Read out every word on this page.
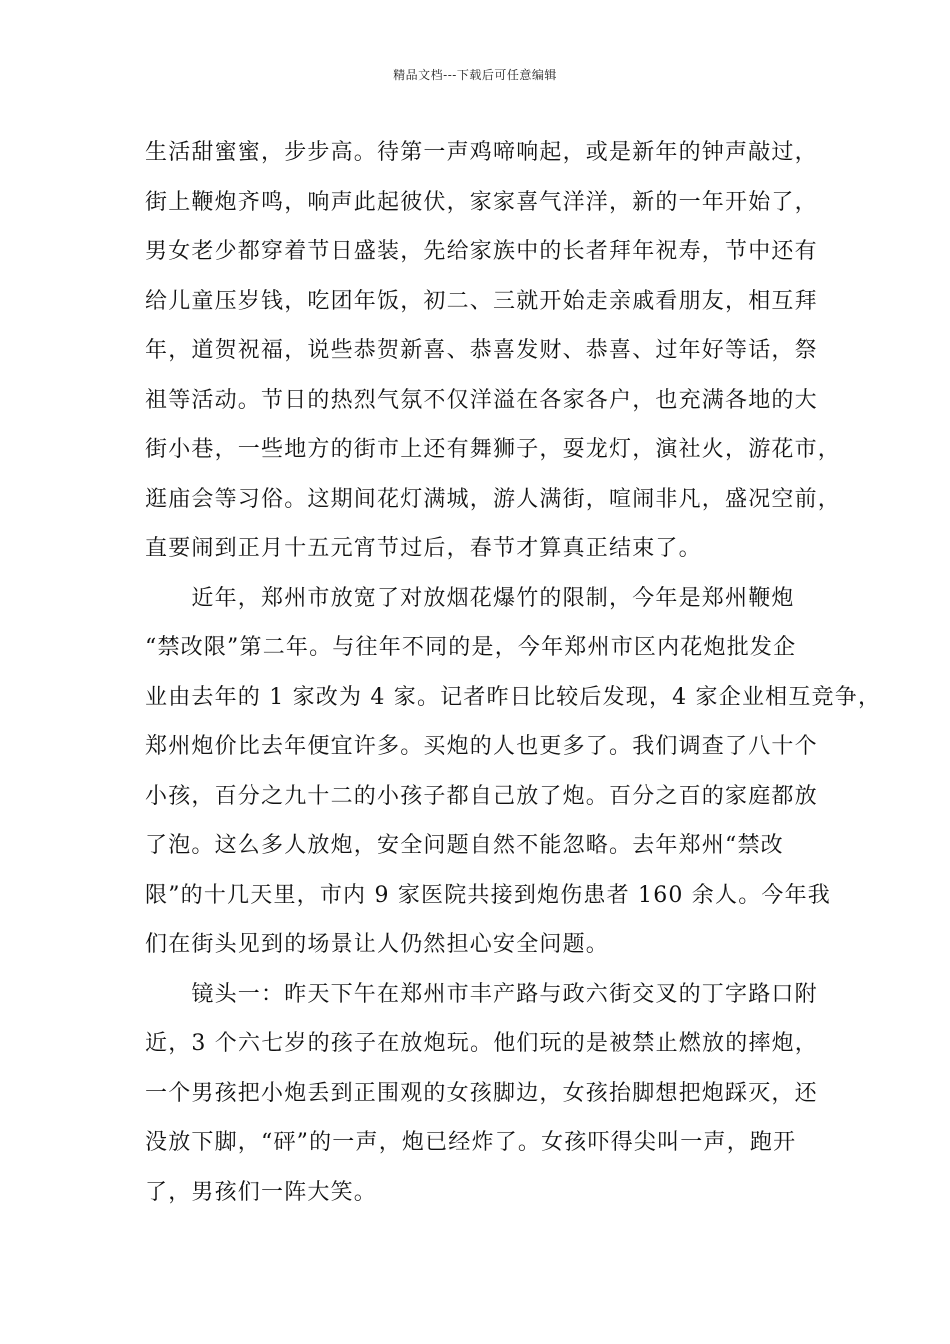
精品文档---下载后可任意编辑
生活甜蜜蜜，步步高。待第一声鸡啼响起，或是新年的钟声敲过，
街上鞭炮齐鸣，响声此起彼伏，家家喜气洋洋，新的一年开始了，
男女老少都穿着节日盛装，先给家族中的长者拜年祝寿，节中还有
给儿童压岁钱，吃团年饭，初二、三就开始走亲戚看朋友，相互拜
年，道贺祝福，说些恭贺新喜、恭喜发财、恭喜、过年好等话，祭
祖等活动。节日的热烈气氛不仅洋溢在各家各户，也充满各地的大
街小巷，一些地方的街市上还有舞狮子，耍龙灯，演社火，游花市，
逛庙会等习俗。这期间花灯满城，游人满街，喧闹非凡，盛况空前，
直要闹到正月十五元宵节过后，春节才算真正结束了。
　　近年，郑州市放宽了对放烟花爆竹的限制，今年是郑州鞭炮
“禁改限”第二年。与往年不同的是，今年郑州市区内花炮批发企
业由去年的 1 家改为 4 家。记者昨日比较后发现，4 家企业相互竞争，
郑州炮价比去年便宜许多。买炮的人也更多了。我们调查了八十个
小孩，百分之九十二的小孩子都自己放了炮。百分之百的家庭都放
了泡。这么多人放炮，安全问题自然不能忽略。去年郑州“禁改
限”的十几天里，市内 9 家医院共接到炮伤患者 160 余人。今年我
们在街头见到的场景让人仍然担心安全问题。
　　镜头一：昨天下午在郑州市丰产路与政六街交叉的丁字路口附
近，3 个六七岁的孩子在放炮玩。他们玩的是被禁止燃放的摔炮，
一个男孩把小炮丢到正围观的女孩脚边，女孩抬脚想把炮踩灭，还
没放下脚，“砰”的一声，炮已经炸了。女孩吓得尖叫一声，跑开
了，男孩们一阵大笑。
